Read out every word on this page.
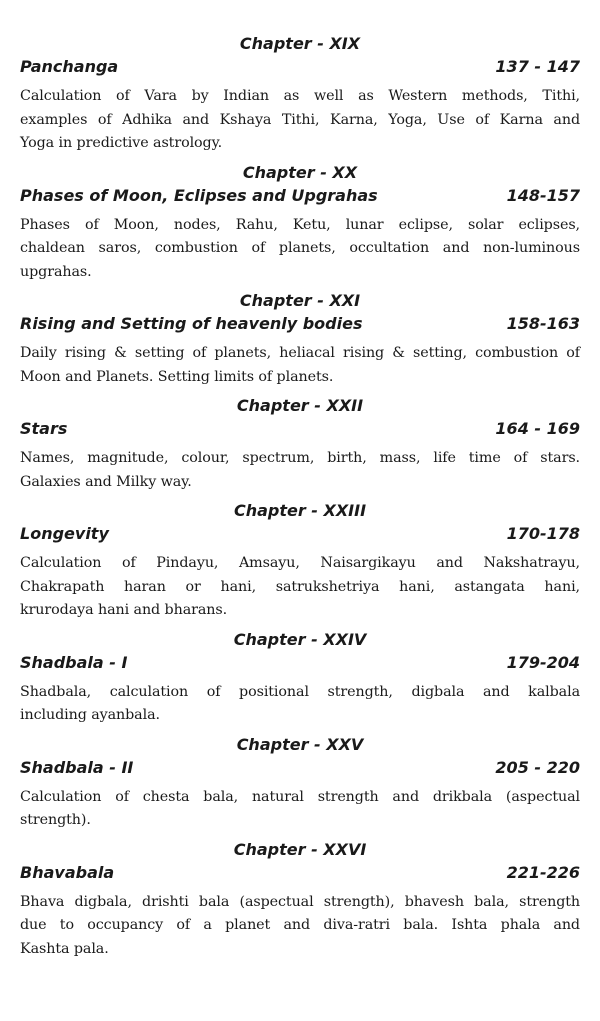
Chapter - XIX
Panchanga	137 - 147
Calculation of Vara by Indian as well as Western methods, Tithi,
examples of Adhika and Kshaya Tithi, Karna, Yoga, Use of Karna and
Yoga in predictive astrology.
Chapter - XX
Phases of Moon, Eclipses and Upgrahas	148-157
Phases of Moon, nodes, Rahu, Ketu, lunar eclipse, solar eclipses,
chaldean saros, combustion of planets, occultation and non-luminous
upgrahas.
Chapter - XXI
Rising and Setting of heavenly bodies	158-163
Daily rising & setting of planets, heliacal rising & setting, combustion of
Moon and Planets. Setting limits of planets.
Chapter - XXII
Stars	164 - 169
Names, magnitude, colour, spectrum, birth, mass, life time of stars.
Galaxies and Milky way.
Chapter - XXIII
Longevity	170-178
Calculation of Pindayu, Amsayu, Naisargikayu and Nakshatrayu,
Chakrapath haran or hani, satrukshetriya hani, astangata hani,
krurodaya hani and bharans.
Chapter - XXIV
Shadbala - I	179-204
Shadbala, calculation of positional strength, digbala and kalbala
including ayanbala.
Chapter - XXV
Shadbala - II	205 - 220
Calculation of chesta bala, natural strength and drikbala (aspectual
strength).
Chapter - XXVI
Bhavabala	221-226
Bhava digbala, drishti bala (aspectual strength), bhavesh bala, strength
due to occupancy of a planet and diva-ratri bala. Ishta phala and
Kashta pala.
